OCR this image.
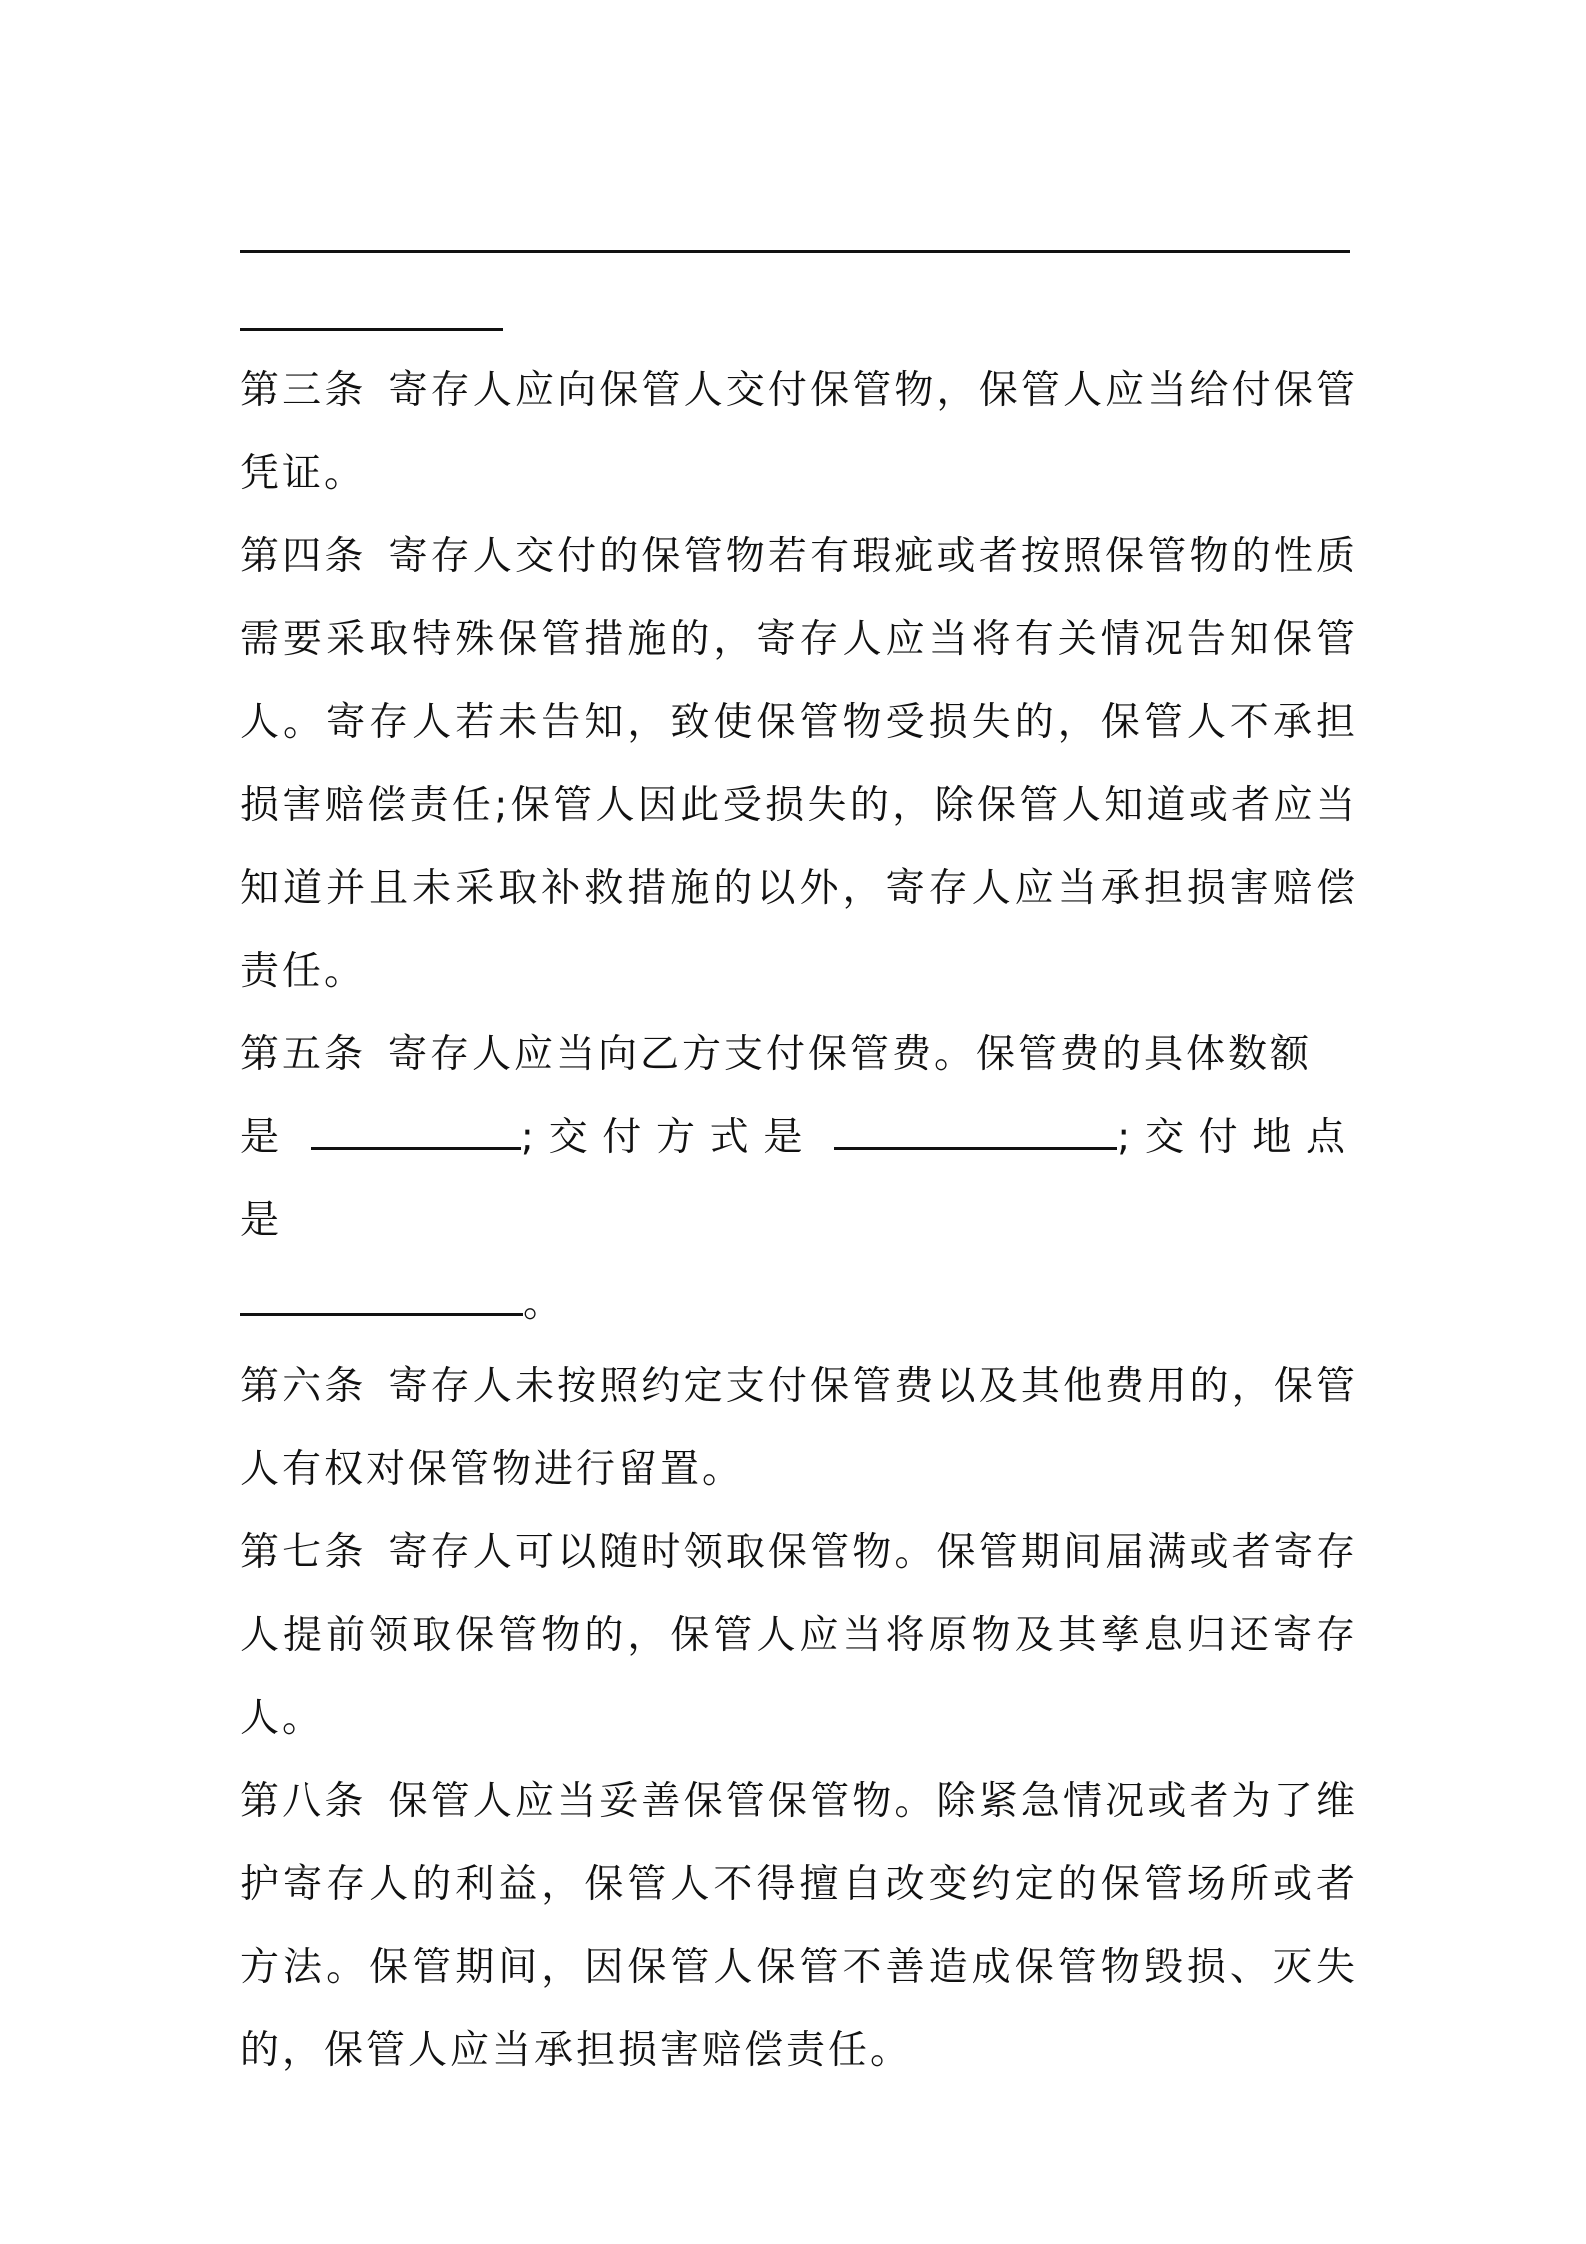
第三条 寄存人应向保管人交付保管物，保管人应当给付保管凭证。

第四条 寄存人交付的保管物若有瑕疵或者按照保管物的性质需要采取特殊保管措施的，寄存人应当将有关情况告知保管人。寄存人若未告知，致使保管物受损失的，保管人不承担损害赔偿责任;保管人因此受损失的，除保管人知道或者应当知道并且未采取补救措施的以外，寄存人应当承担损害赔偿责任。

第五条 寄存人应当向乙方支付保管费。保管费的具体数额
是	;交付方式是	;交付地点是
。

第六条 寄存人未按照约定支付保管费以及其他费用的，保管人有权对保管物进行留置。

第七条 寄存人可以随时领取保管物。保管期间届满或者寄存人提前领取保管物的，保管人应当将原物及其孳息归还寄存人。

第八条 保管人应当妥善保管保管物。除紧急情况或者为了维护寄存人的利益，保管人不得擅自改变约定的保管场所或者方法。保管期间，因保管人保管不善造成保管物毁损、灭失的，保管人应当承担损害赔偿责任。
